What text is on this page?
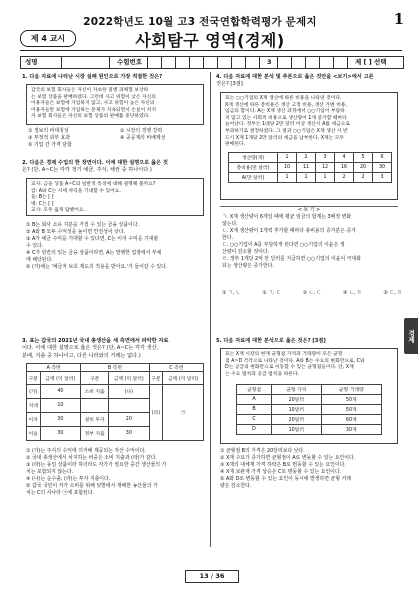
2022학년도 10월 고3 전국연합학력평가 문제지	1
제 4 교시	사회탐구 영역(경제)
성명	수험번호	3	제 [ ] 선택
1. 다음 자료에 나타난 시장 실패 원인으로 가장 적절한 것은?
갑국의 보험 회사들은 자신이 자초한 질병 과체험 보상하
는 보험 상품을 판매하였다. 그런데 사고 위험이 낮은 자신의
이용자들은 보험에 가입하지 않고, 사고 위험이 높은 자신의
이용자들만 보험에 가입하는 문제가 지속되면서 손실이 커지
자 보험 회사들은 자신의 보험 상품의 판매를 중단하였다.
① 정보의 비대칭성
③ 부정적 외부 효과
⑤ 기업 간 가격 담합
② 시장의 경쟁 강력
④ 공공재의 비배제성
2. 다음은 경제 수업의 한 장면이다. 이에 대한 설명으로 옳은 것
은? (단, A~C는 각각 정기 예금, 주식, 채권 중 하나이다.)
교사: 금융 상품 A~C의 일반적 특징에 대해 설명해 볼까요?
갑: A와 C는 시세 차익을 기대할 수 있어요.
을: B는 [ ]
병: C는 [ ]
교사: 모두 옳게 답했어요.
① B는 회사 소유 지분을 가질 수 있는 금융 상품이다.
② A와 B 모두 수익성을 높이면 안전성이 낮다.
③ A가 예금 수익을 기대할 수 있다면, C는 이자 수익을 기대할
수 있다.
④ C가 빈칸의 있는 금융 상품이라면, A는 발행한 업점에서 부채
에 해당된다.
⑤ (가)에는 '예금자 보호 제도의 적용을 받아요.'가 들어갈 수 있다.
3. 표는 갑국의 2021년 국내 총생산을 세 측면에서 파악한 자료
이다. 이에 대한 설명으로 옳은 것은? (단, A~C는 각각 생산,
분배, 지출 중 하나이고, 다른 나라와의 거래는 없다.)
A 측면		B 측면		C 측면	
구분	금액 (억 달러)	구분	금액 (억 달러)	구분	금액 (억 달러)
(가)	40	소비 지출	(나)	(라)	㉠
지대	10				
이자	30	설비 투자	20		
이윤	30	정부 지출	30		
① (가)는 주식의 수익에 의거해 제공되는 자산 수익이다.
② 국내 총생산에서 차지하는 비중은 소비 지출과 (라)가 같다.
③ (라)는 동일 상품이라 하더라도 자가가 필요한 중간 생산물의 가
치는 포함되지 않는다.
④ (나)는 순수출, (라)는 투자 지출이다.
⑤ 갑국 국민이 자가 소비를 위해 텃밭에서 재배한 농산물의 가
치는 C의 사나라 ㉠에 포함된다.
4. 다음 자료에 대한 분석 및 추론으로 옳은 것만을 <보기>에서 고른
것은? [3점]
표는 ○○기업의 X재 생산에 따른 비용을 나타낸 것이다.
X재 생산에 따른 총비용은 생산 고정 비용, 생산 가변 비용,
임금의 합이다. A는 X재 생산 과정에서 ○○기업이 부담하
지 않고 있는 사회적 비용으로 생산량이 1개 증가할 때마다
늘어난다. 정부는 1대당 2만 달러 이상 생산시 A를 세금으로
부과하기로 결정하였다. 그 결과 ○○기업은 X재 생산 시 반
드시 X재 1개당 2만 달러의 세금을 납부한다. X재는 모두
판매된다.
생산량(개)	1	2	3	4	5	6
총비용(만 달러)	10	11	12	16	20	30
A(만 달러)	1	1	1	2	2	3
< 보 기 >
ㄱ. X재 생산량이 6개일 때에 평균 임금의 합계는 3배정 변화
않는다.
ㄴ. X재 생산량이 1개씩 추가할 때마다 총비용의 증가분은 증가
한다.
ㄷ. ○○기업이 A를 부담하게 된다면 ○○기업의 이윤은 생
산량이 감소할 것이다.
ㄹ. 정부 1개당 2억 만 달러를 지급하면 ○○기업의 이윤이 극대화
되는 생산량은 증가한다.
① ㄱ, ㄴ	② ㄱ, ㄷ	③ ㄴ, ㄷ	④ ㄴ, ㄹ	⑤ ㄷ, ㄹ
5. 다음 자료에 대한 분석으로 옳은 것은? [3점]
표는 X재 시장의 현재 균형점 가격과 거래량이 모든 균형
점 A~D 각각으로 나타난 것이다. A와 B는 수요의 변화만으로, C와
D는 공급의 변화만으로 이동할 수 있는 균형점들이다. 단, X재
는 수요 법칙과 공급 법칙을 따른다.
균형점	균형 가격	균형 거래량
A	20달러	50개
B	10달러	50개
C	20달러	60개
D	10달러	30개
① 균형점 B의 가격은 20달러보다 낮다.
② X재 수요가 증가하면 균형점이 A로 변동할 수 있는 요인이다.
③ X재의 대체재 가격 하락은 B로 변동할 수 있는 요인이다.
④ X재 보완재 가격 상승은 C로 변동할 수 있는 요인이다.
⑤ A와 D로 변동할 수 있는 요인이 동시에 발생하면 균형 거래
량은 감소한다.
경제
13 / 36
